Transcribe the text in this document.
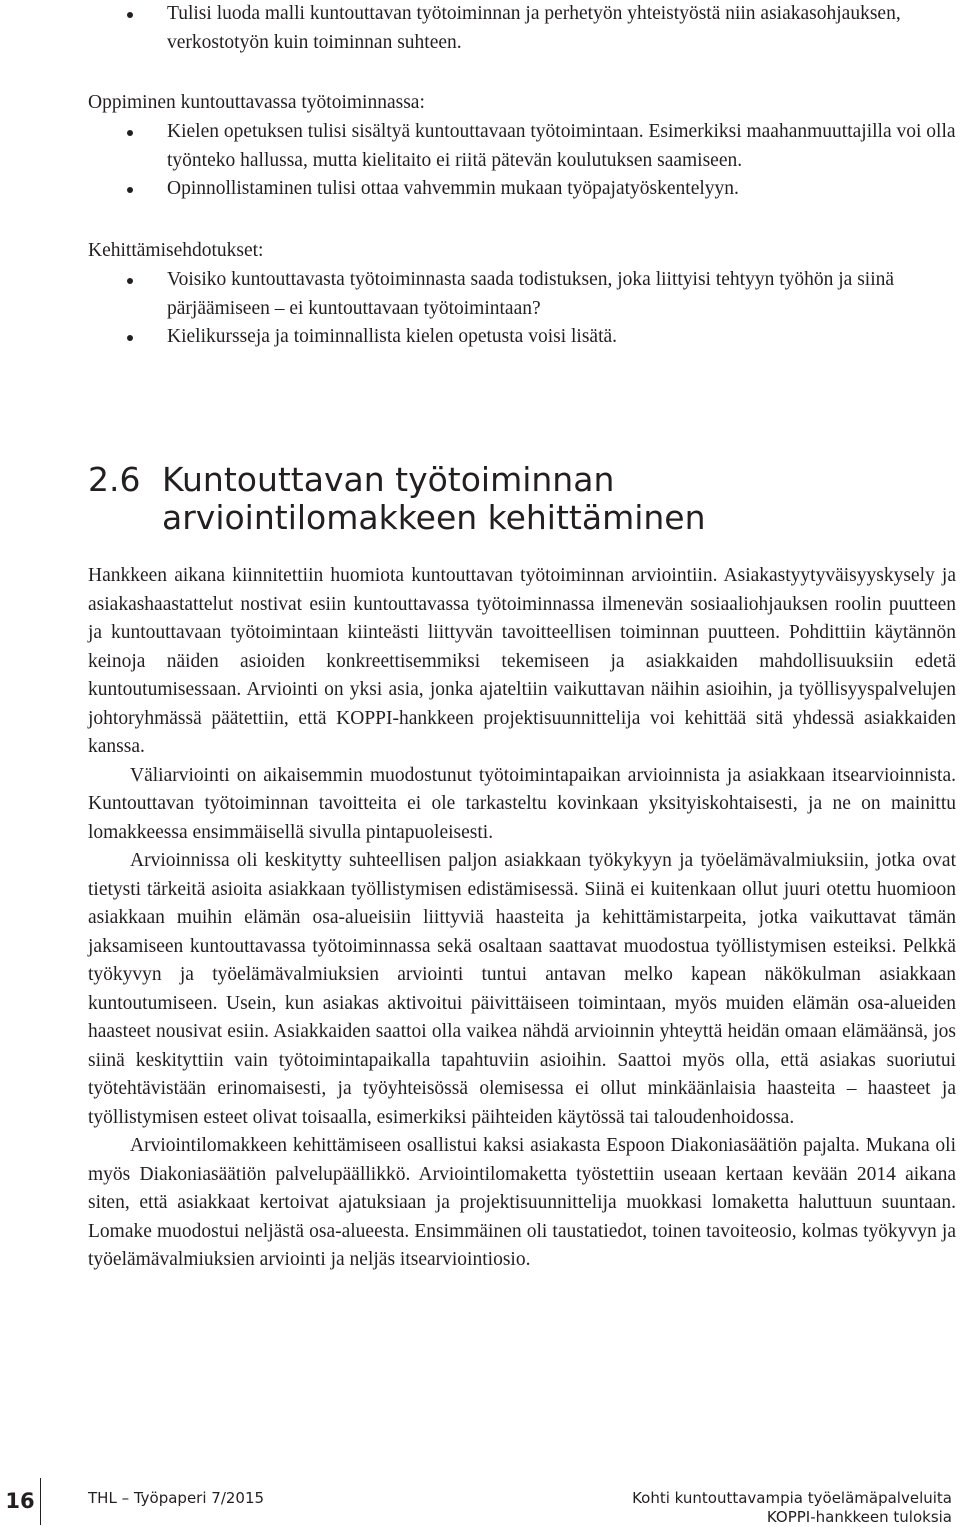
Tulisi luoda malli kuntouttavan työtoiminnan ja perhetyön yhteistyöstä niin asiakasohjauksen, verkostotyön kuin toiminnan suhteen.
Oppiminen kuntouttavassa työtoiminnassa:
Kielen opetuksen tulisi sisältyä kuntouttavaan työtoimintaan. Esimerkiksi maahanmuuttajilla voi olla työnteko hallussa, mutta kielitaito ei riitä pätevän koulutuksen saamiseen.
Opinnollistaminen tulisi ottaa vahvemmin mukaan työpajatyöskentelyyn.
Kehittämisehdotukset:
Voisiko kuntouttavasta työtoiminnasta saada todistuksen, joka liittyisi tehtyyn työhön ja siinä pärjäämiseen – ei kuntouttavaan työtoimintaan?
Kielikursseja ja toiminnallista kielen opetusta voisi lisätä.
2.6 Kuntouttavan työtoiminnan arviointilomakkeen kehittäminen

Hankkeen aikana kiinnitettiin huomiota kuntouttavan työtoiminnan arviointiin. Asiakastyytyväisyyskysely ja asiakashaastattelut nostivat esiin kuntouttavassa työtoiminnassa ilmenevän sosiaaliohjauksen roolin puutteen ja kuntouttavaan työtoimintaan kiinteästi liittyvän tavoitteellisen toiminnan puutteen. Pohdittiin käytännön keinoja näiden asioiden konkreettisemmiksi tekemiseen ja asiakkaiden mahdollisuuksiin edetä kuntoutumisessaan. Arviointi on yksi asia, jonka ajateltiin vaikuttavan näihin asioihin, ja työllisyyspalvelujen johtoryhmässä päätettiin, että KOPPI-hankkeen projektisuunnittelija voi kehittää sitä yhdessä asiakkaiden kanssa.

Väliarviointi on aikaisemmin muodostunut työtoimintapaikan arvioinnista ja asiakkaan itsearvioinnista. Kuntouttavan työtoiminnan tavoitteita ei ole tarkasteltu kovinkaan yksityiskohtaisesti, ja ne on mainittu lomakkeessa ensimmäisellä sivulla pintapuoleisesti.

Arvioinnissa oli keskitytty suhteellisen paljon asiakkaan työkykyyn ja työelämävalmiuksiin, jotka ovat tietysti tärkeitä asioita asiakkaan työllistymisen edistämisessä. Siinä ei kuitenkaan ollut juuri otettu huomioon asiakkaan muihin elämän osa-alueisiin liittyviä haasteita ja kehittämistarpeita, jotka vaikuttavat tämän jaksamiseen kuntouttavassa työtoiminnassa sekä osaltaan saattavat muodostua työllistymisen esteiksi. Pelkkä työkyvyn ja työelämävalmiuksien arviointi tuntui antavan melko kapean näkökulman asiakkaan kuntoutumiseen. Usein, kun asiakas aktivoitui päivittäiseen toimintaan, myös muiden elämän osa-alueiden haasteet nousivat esiin. Asiakkaiden saattoi olla vaikea nähdä arvioinnin yhteyttä heidän omaan elämäänsä, jos siinä keskityttiin vain työtoimintapaikalla tapahtuviin asioihin. Saattoi myös olla, että asiakas suoriutui työtehtävistään erinomaisesti, ja työyhteisössä olemisessa ei ollut minkäänlaisia haasteita – haasteet ja työllistymisen esteet olivat toisaalla, esimerkiksi päihteiden käytössä tai taloudenhoidossa.

Arviointilomakkeen kehittämiseen osallistui kaksi asiakasta Espoon Diakoniasäätiön pajalta. Mukana oli myös Diakoniasäätiön palvelupäällikkö. Arviointilomaketta työstettiin useaan kertaan kevään 2014 aikana siten, että asiakkaat kertoivat ajatuksiaan ja projektisuunnittelija muokkasi lomaketta haluttuun suuntaan. Lomake muodostui neljästä osa-alueesta. Ensimmäinen oli taustatiedot, toinen tavoiteosio, kolmas työkyvyn ja työelämävalmiuksien arviointi ja neljäs itsearviointiosio.

16	THL – Työpaperi 7/2015	Kohti kuntouttavampia työelämäpalveluita
KOPPI-hankkeen tuloksia
